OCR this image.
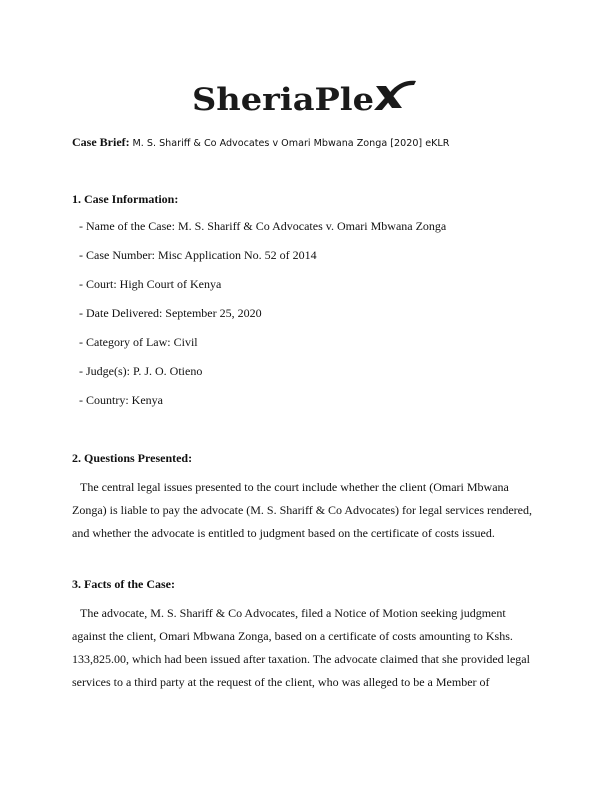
SheriaPle
Case Brief: M. S. Shariff & Co Advocates v Omari Mbwana Zonga [2020] eKLR
1. Case Information:
- Name of the Case: M. S. Shariff & Co Advocates v. Omari Mbwana Zonga
- Case Number: Misc Application No. 52 of 2014
- Court: High Court of Kenya
- Date Delivered: September 25, 2020
- Category of Law: Civil
- Judge(s): P. J. O. Otieno
- Country: Kenya
2. Questions Presented:

The central legal issues presented to the court include whether the client (Omari Mbwana
Zonga) is liable to pay the advocate (M. S. Shariff & Co Advocates) for legal services rendered,
and whether the advocate is entitled to judgment based on the certificate of costs issued.

3. Facts of the Case:

The advocate, M. S. Shariff & Co Advocates, filed a Notice of Motion seeking judgment
against the client, Omari Mbwana Zonga, based on a certificate of costs amounting to Kshs.
133,825.00, which had been issued after taxation. The advocate claimed that she provided legal
services to a third party at the request of the client, who was alleged to be a Member of
